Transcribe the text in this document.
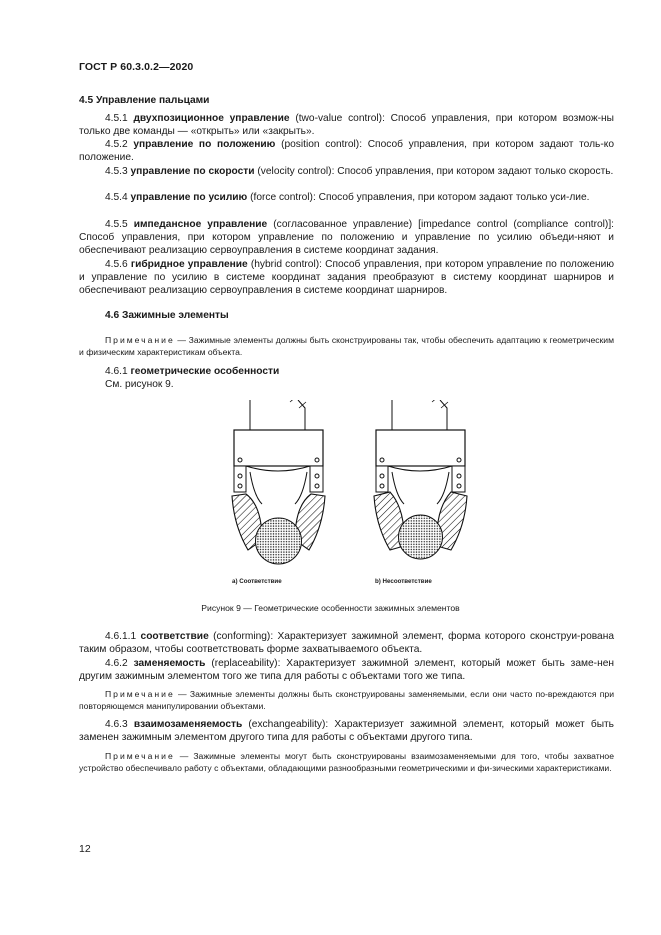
ГОСТ Р 60.3.0.2—2020
4.5 Управление пальцами
4.5.1 двухпозиционное управление (two-value control): Способ управления, при котором возмож-ны только две команды — «открыть» или «закрыть».
4.5.2 управление по положению (position control): Способ управления, при котором задают толь-ко положение.
4.5.3 управление по скорости (velocity control): Способ управления, при котором задают только скорость.
4.5.4 управление по усилию (force control): Способ управления, при котором задают только уси-лие.
4.5.5 импедансное управление (согласованное управление) [impedance control (compliance control)]: Способ управления, при котором управление по положению и управление по усилию объеди-няют и обеспечивают реализацию сервоуправления в системе координат задания.
4.5.6 гибридное управление (hybrid control): Способ управления, при котором управление по положению и управление по усилию в системе координат задания преобразуют в систему координат шарниров и обеспечивают реализацию сервоуправления в системе координат шарниров.
4.6 Зажимные элементы
Примечание — Зажимные элементы должны быть сконструированы так, чтобы обеспечить адаптацию к геометрическим и физическим характеристикам объекта.
4.6.1 геометрические особенности
См. рисунок 9.
а) Соответствие	b) Несоответствие
Рисунок 9 — Геометрические особенности зажимных элементов
4.6.1.1 соответствие (conforming): Характеризует зажимной элемент, форма которого сконструи-рована таким образом, чтобы соответствовать форме захватываемого объекта.
4.6.2 заменяемость (replaceability): Характеризует зажимной элемент, который может быть заме-нен другим зажимным элементом того же типа для работы с объектами того же типа.
Примечание — Зажимные элементы должны быть сконструированы заменяемыми, если они часто по-вреждаются при повторяющемся манипулировании объектами.
4.6.3 взаимозаменяемость (exchangeability): Характеризует зажимной элемент, который может быть заменен зажимным элементом другого типа для работы с объектами другого типа.
Примечание — Зажимные элементы могут быть сконструированы взаимозаменяемыми для того, чтобы захватное устройство обеспечивало работу с объектами, обладающими разнообразными геометрическими и фи-зическими характеристиками.
12
